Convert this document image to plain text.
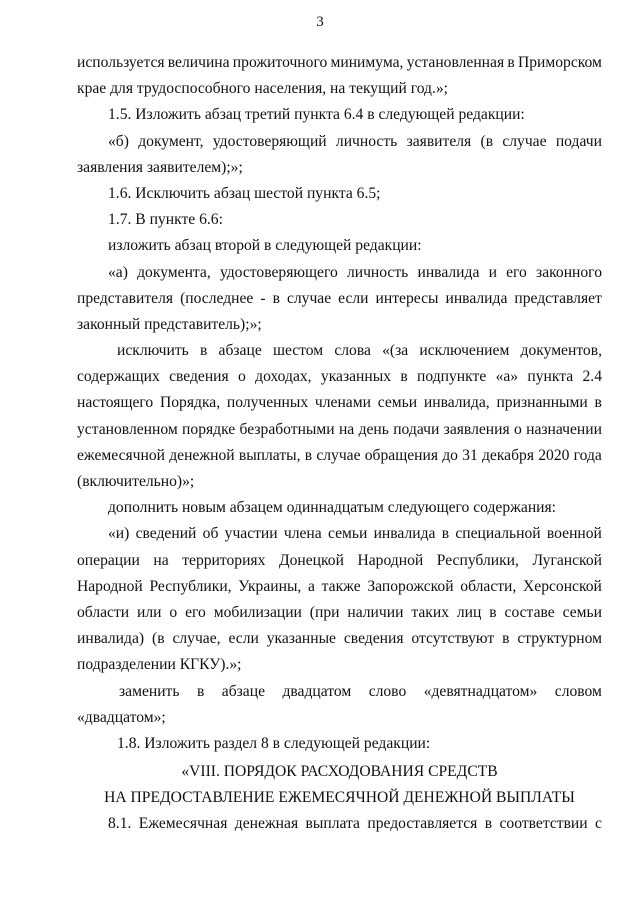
3
используется величина прожиточного минимума, установленная в Приморском
крае для трудоспособного населения, на текущий год.»;
1.5. Изложить абзац третий пункта 6.4 в следующей редакции:
«б) документ, удостоверяющий личность заявителя (в случае подачи
заявления заявителем);»;
1.6. Исключить абзац шестой пункта 6.5;
1.7. В пункте 6.6:
изложить абзац второй в следующей редакции:
«а) документа, удостоверяющего личность инвалида и его законного
представителя (последнее - в случае если интересы инвалида представляет
законный представитель);»;
исключить в абзаце шестом слова «(за исключением документов,
содержащих сведения о доходах, указанных в подпункте «а» пункта 2.4
настоящего Порядка, полученных членами семьи инвалида, признанными в
установленном порядке безработными на день подачи заявления о назначении
ежемесячной денежной выплаты, в случае обращения до 31 декабря 2020 года
(включительно)»;
дополнить новым абзацем одиннадцатым следующего содержания:
«и) сведений об участии члена семьи инвалида в специальной военной
операции на территориях Донецкой Народной Республики, Луганской
Народной Республики, Украины, а также Запорожской области, Херсонской
области или о его мобилизации (при наличии таких лиц в составе семьи
инвалида) (в случае, если указанные сведения отсутствуют в структурном
подразделении КГКУ).»;
заменить в абзаце двадцатом слово «девятнадцатом» словом
«двадцатом»;
1.8. Изложить раздел 8 в следующей редакции:
«VIII. ПОРЯДОК РАСХОДОВАНИЯ СРЕДСТВ
НА ПРЕДОСТАВЛЕНИЕ ЕЖЕМЕСЯЧНОЙ ДЕНЕЖНОЙ ВЫПЛАТЫ
8.1. Ежемесячная денежная выплата предоставляется в соответствии с
